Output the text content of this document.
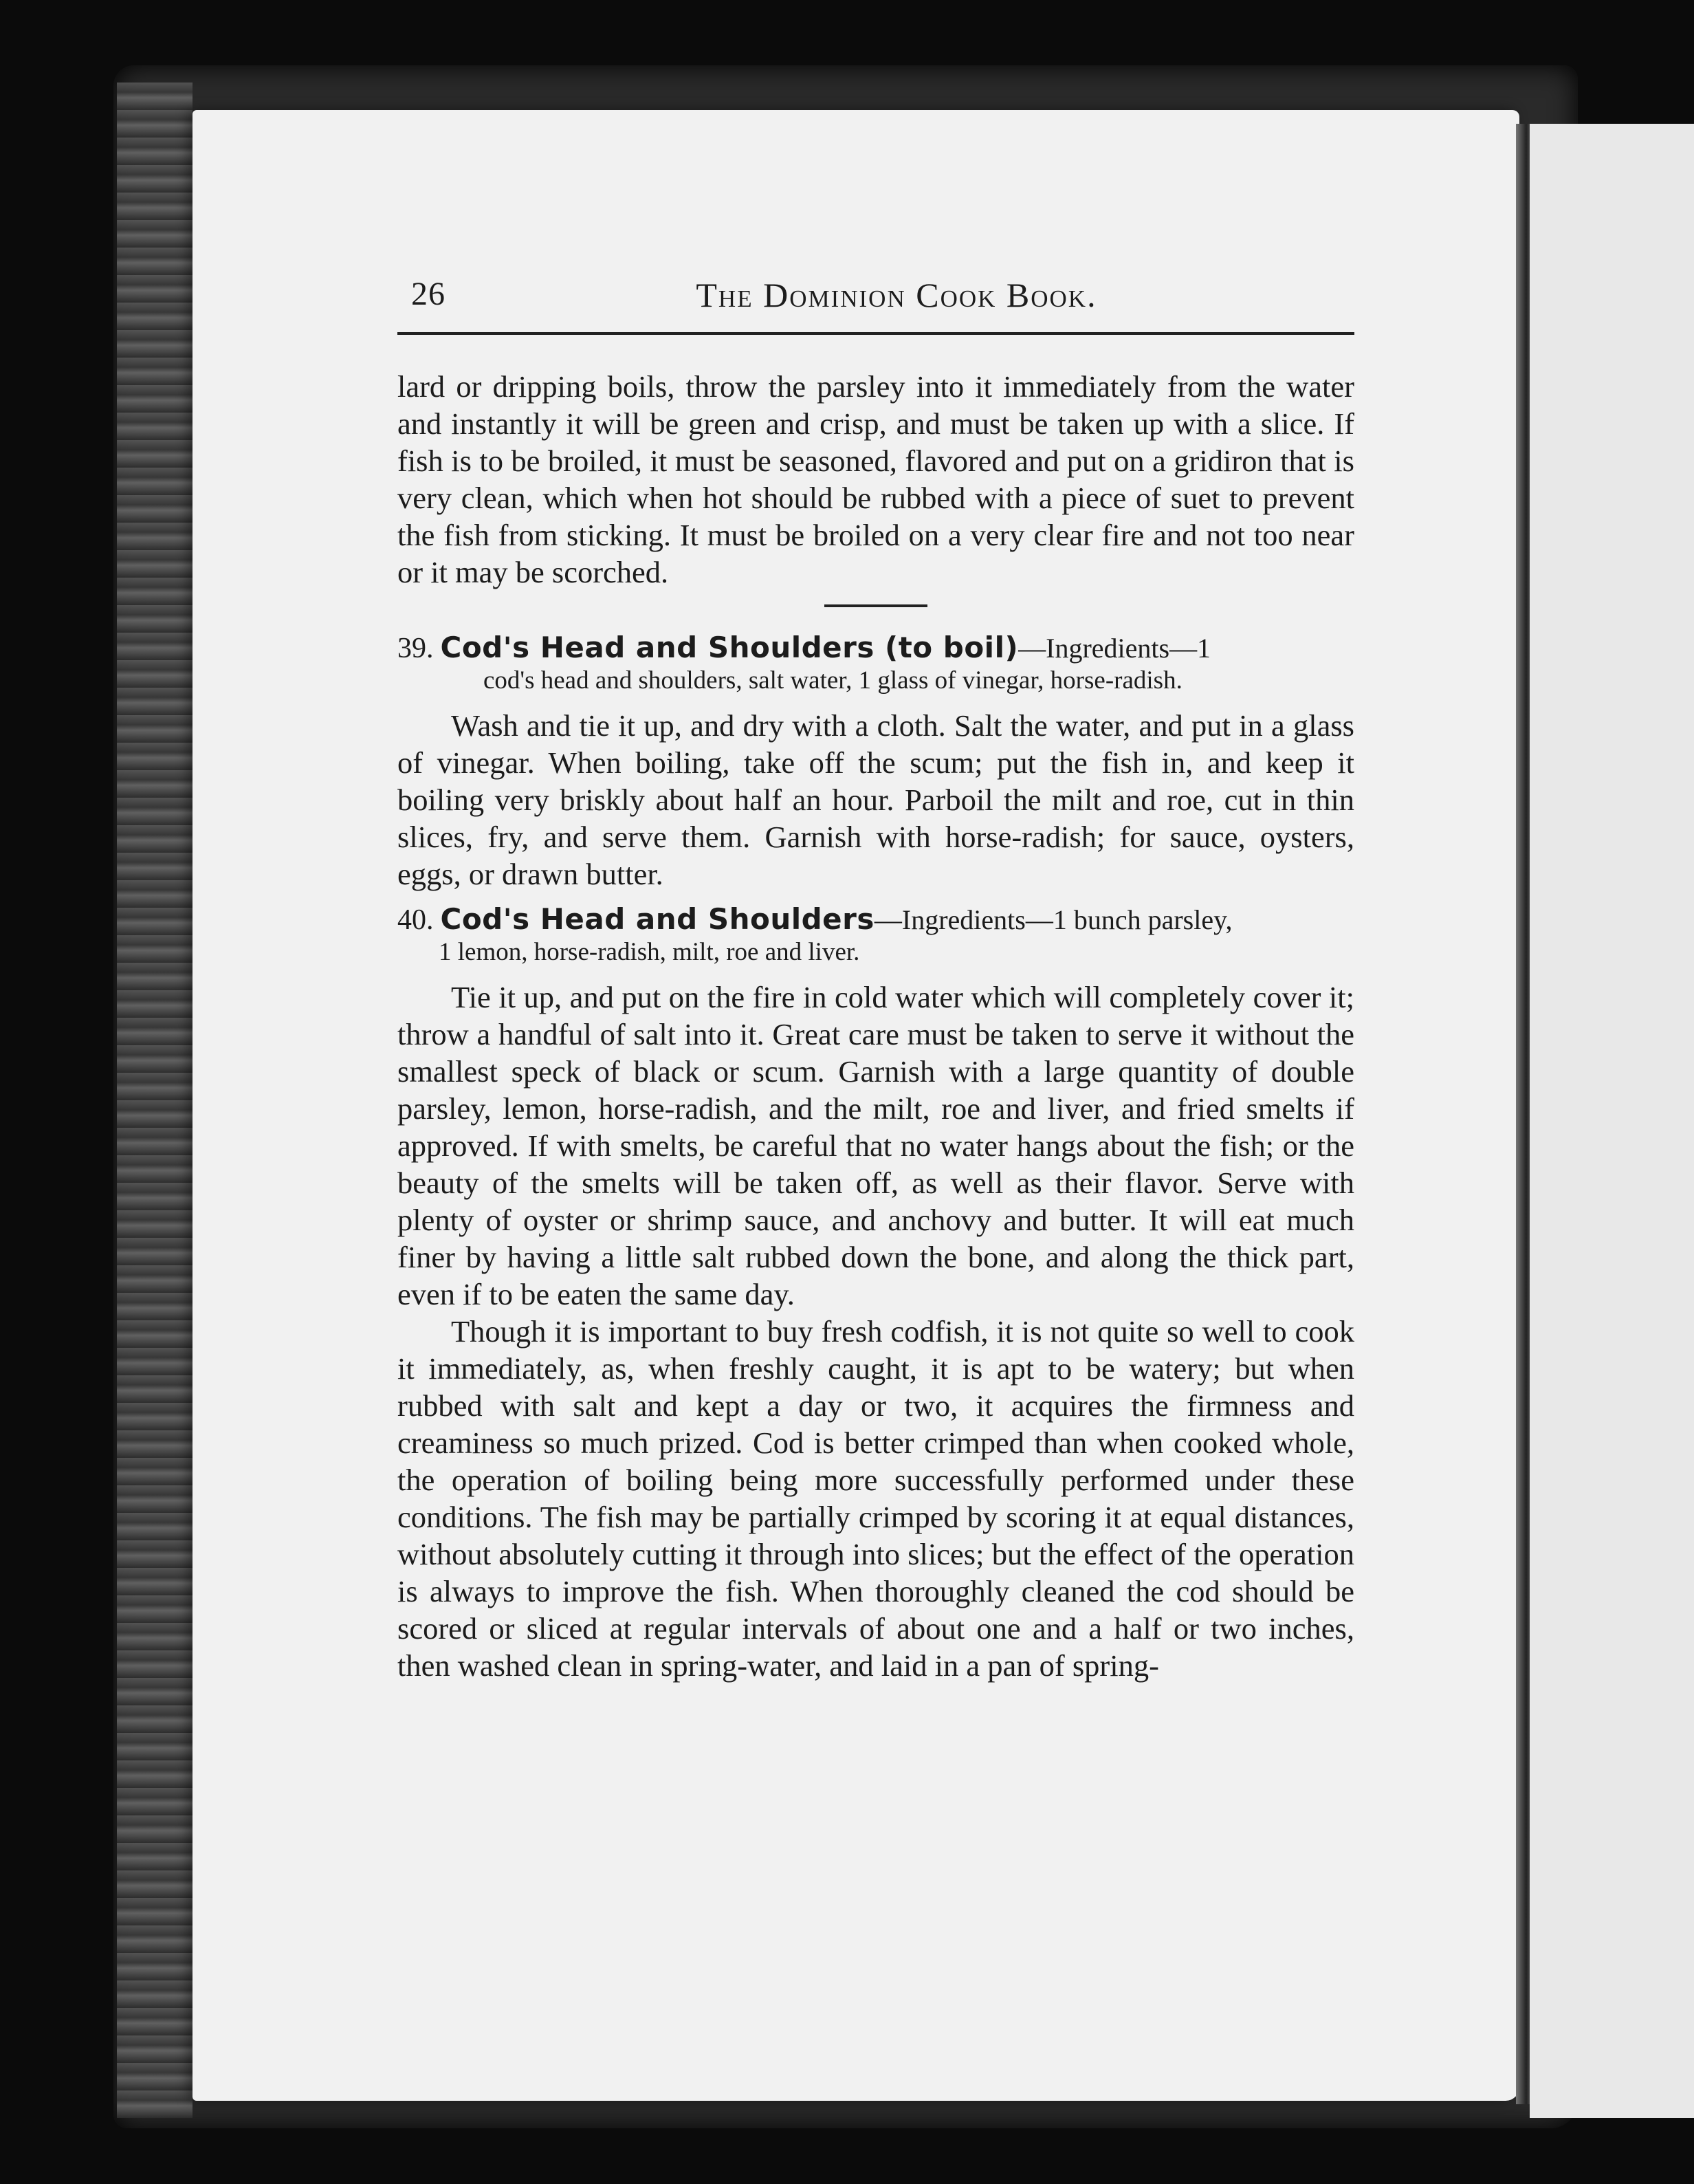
26	The Dominion Cook Book.

lard or dripping boils, throw the parsley into it immediately from the water and instantly it will be green and crisp, and must be taken up with a slice. If fish is to be broiled, it must be seasoned, flavored and put on a gridiron that is very clean, which when hot should be rubbed with a piece of suet to prevent the fish from sticking. It must be broiled on a very clear fire and not too near or it may be scorched.

39. Cod's Head and Shoulders (to boil)—Ingredients—1
cod's head and shoulders, salt water, 1 glass of vinegar, horse-radish.

Wash and tie it up, and dry with a cloth. Salt the water, and put in a glass of vinegar. When boiling, take off the scum; put the fish in, and keep it boiling very briskly about half an hour. Parboil the milt and roe, cut in thin slices, fry, and serve them. Garnish with horse-radish; for sauce, oysters, eggs, or drawn butter.

40. Cod's Head and Shoulders—Ingredients—1 bunch parsley,
1 lemon, horse-radish, milt, roe and liver.

Tie it up, and put on the fire in cold water which will completely cover it; throw a handful of salt into it. Great care must be taken to serve it without the smallest speck of black or scum. Garnish with a large quantity of double parsley, lemon, horse-radish, and the milt, roe and liver, and fried smelts if approved. If with smelts, be careful that no water hangs about the fish; or the beauty of the smelts will be taken off, as well as their flavor. Serve with plenty of oyster or shrimp sauce, and anchovy and butter. It will eat much finer by having a little salt rubbed down the bone, and along the thick part, even if to be eaten the same day.

Though it is important to buy fresh codfish, it is not quite so well to cook it immediately, as, when freshly caught, it is apt to be watery; but when rubbed with salt and kept a day or two, it acquires the firmness and creaminess so much prized. Cod is better crimped than when cooked whole, the operation of boiling being more successfully performed under these conditions. The fish may be partially crimped by scoring it at equal distances, without absolutely cutting it through into slices; but the effect of the operation is always to improve the fish. When thoroughly cleaned the cod should be scored or sliced at regular intervals of about one and a half or two inches, then washed clean in spring-water, and laid in a pan of spring-
